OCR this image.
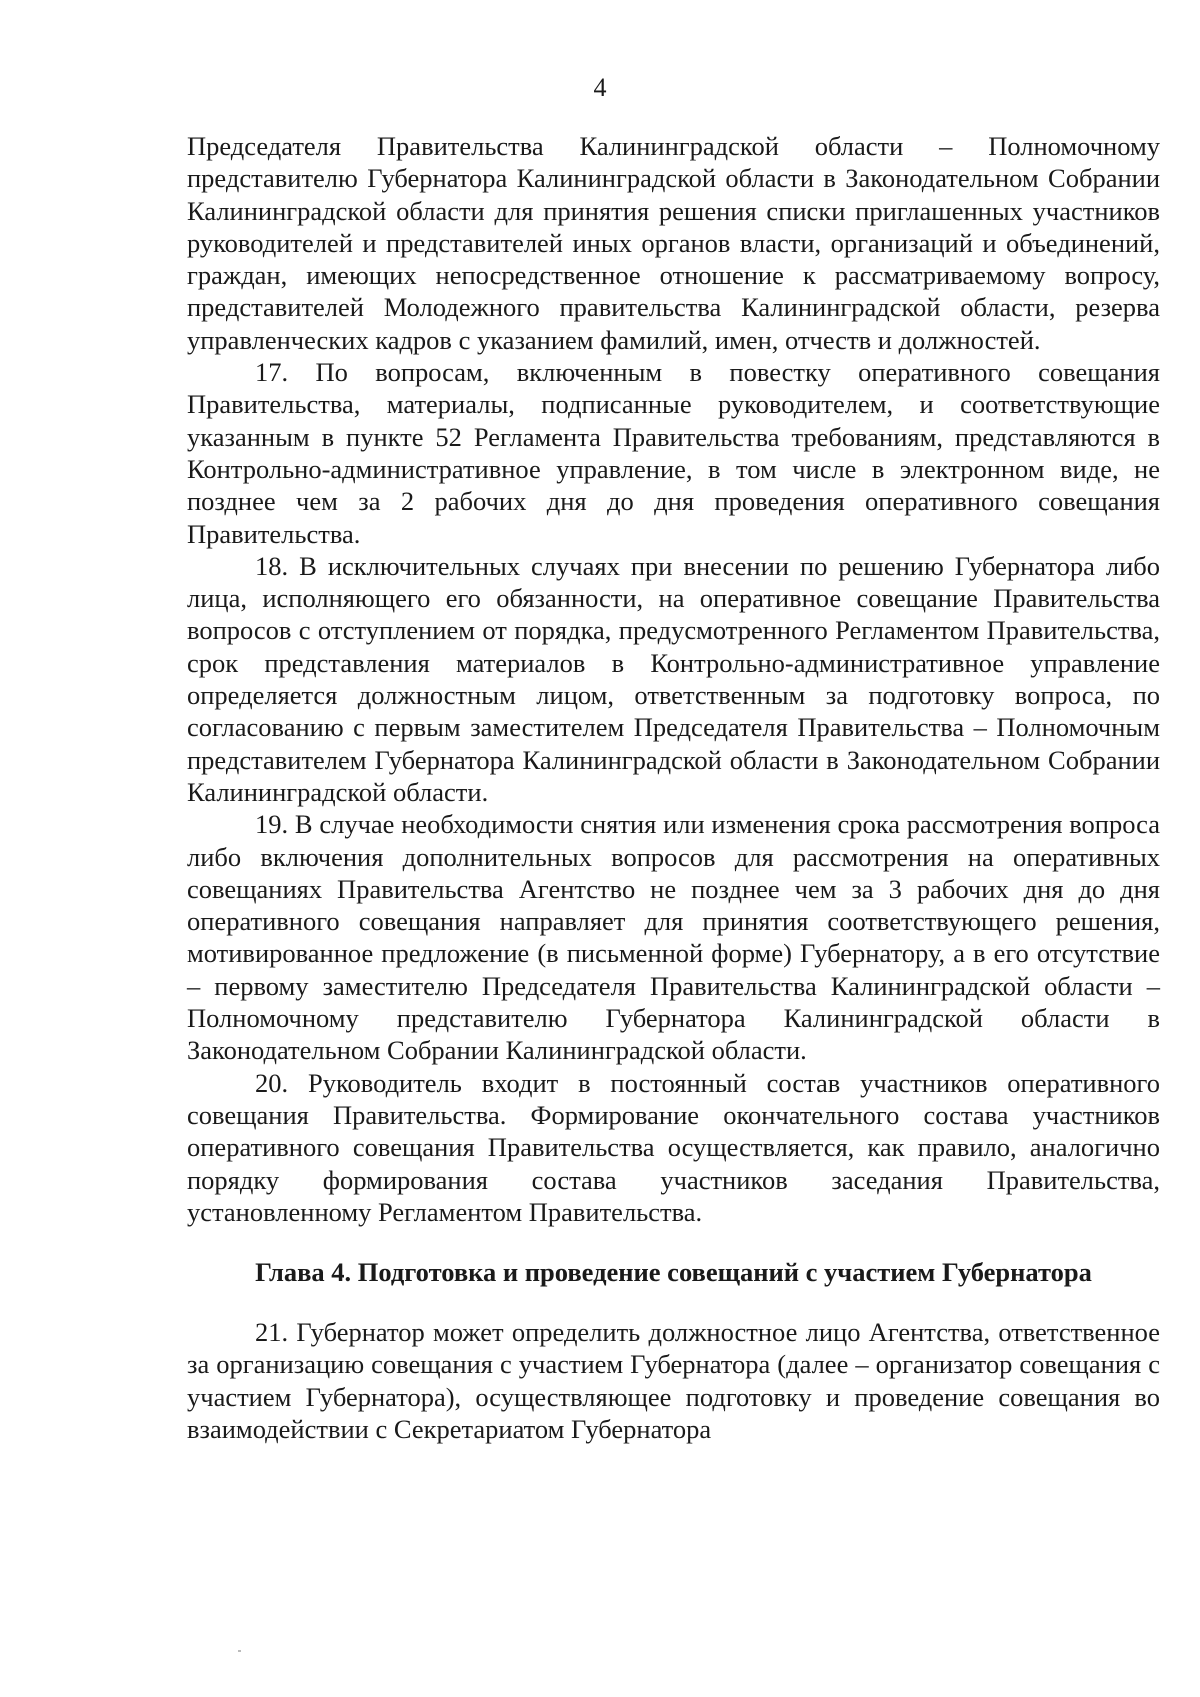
4

Председателя Правительства Калининградской области – Полномочному представителю Губернатора Калининградской области в Законодательном Собрании Калининградской области для принятия решения списки приглашенных участников руководителей и представителей иных органов власти, организаций и объединений, граждан, имеющих непосредственное отношение к рассматриваемому вопросу, представителей Молодежного правительства Калининградской области, резерва управленческих кадров с указанием фамилий, имен, отчеств и должностей.

17. По вопросам, включенным в повестку оперативного совещания Правительства, материалы, подписанные руководителем, и соответствующие указанным в пункте 52 Регламента Правительства требованиям, представляются в Контрольно-административное управление, в том числе в электронном виде, не позднее чем за 2 рабочих дня до дня проведения оперативного совещания Правительства.

18. В исключительных случаях при внесении по решению Губернатора либо лица, исполняющего его обязанности, на оперативное совещание Правительства вопросов с отступлением от порядка, предусмотренного Регламентом Правительства, срок представления материалов в Контрольно-административное управление определяется должностным лицом, ответственным за подготовку вопроса, по согласованию с первым заместителем Председателя Правительства – Полномочным представителем Губернатора Калининградской области в Законодательном Собрании Калининградской области.

19. В случае необходимости снятия или изменения срока рассмотрения вопроса либо включения дополнительных вопросов для рассмотрения на оперативных совещаниях Правительства Агентство не позднее чем за 3 рабочих дня до дня оперативного совещания направляет для принятия соответствующего решения, мотивированное предложение (в письменной форме) Губернатору, а в его отсутствие – первому заместителю Председателя Правительства Калининградской области – Полномочному представителю Губернатора Калининградской области в Законодательном Собрании Калининградской области.

20. Руководитель входит в постоянный состав участников оперативного совещания Правительства. Формирование окончательного состава участников оперативного совещания Правительства осуществляется, как правило, аналогично порядку формирования состава участников заседания Правительства, установленному Регламентом Правительства.

Глава 4. Подготовка и проведение совещаний с участием Губернатора

21. Губернатор может определить должностное лицо Агентства, ответственное за организацию совещания с участием Губернатора (далее – организатор совещания с участием Губернатора), осуществляющее подготовку и проведение совещания во взаимодействии с Секретариатом Губернатора
